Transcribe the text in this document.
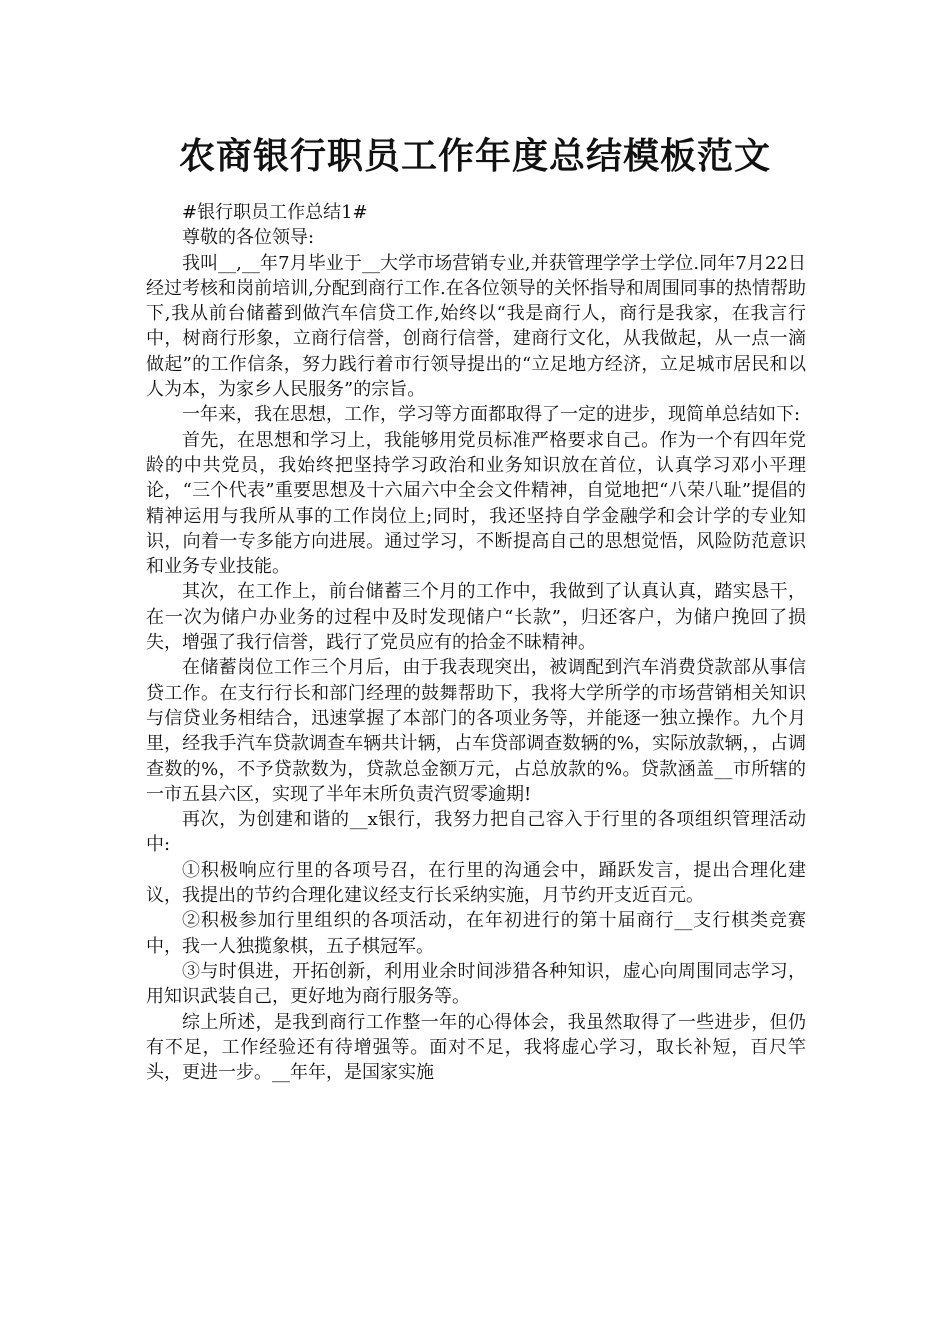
农商银行职员工作年度总结模板范文

#银行职员工作总结1#

尊敬的各位领导:

我叫__,__年7月毕业于__大学市场营销专业,并获管理学学士学位.同年7月22日经过考核和岗前培训,分配到商行工作.在各位领导的关怀指导和周围同事的热情帮助下,我从前台储蓄到做汽车信贷工作,始终以“我是商行人，商行是我家，在我言行中，树商行形象，立商行信誉，创商行信誉，建商行文化，从我做起，从一点一滴做起”的工作信条，努力践行着市行领导提出的“立足地方经济，立足城市居民和以人为本，为家乡人民服务”的宗旨。

一年来，我在思想，工作，学习等方面都取得了一定的进步，现简单总结如下:

首先，在思想和学习上，我能够用党员标准严格要求自己。作为一个有四年党龄的中共党员，我始终把坚持学习政治和业务知识放在首位，认真学习邓小平理论，“三个代表”重要思想及十六届六中全会文件精神，自觉地把“八荣八耻”提倡的精神运用与我所从事的工作岗位上;同时，我还坚持自学金融学和会计学的专业知识，向着一专多能方向进展。通过学习，不断提高自己的思想觉悟，风险防范意识和业务专业技能。

其次，在工作上，前台储蓄三个月的工作中，我做到了认真认真，踏实恳干，在一次为储户办业务的过程中及时发现储户“长款”，归还客户，为储户挽回了损失，增强了我行信誉，践行了党员应有的拾金不昧精神。

在储蓄岗位工作三个月后，由于我表现突出，被调配到汽车消费贷款部从事信贷工作。在支行行长和部门经理的鼓舞帮助下，我将大学所学的市场营销相关知识与信贷业务相结合，迅速掌握了本部门的各项业务等，并能逐一独立操作。九个月里，经我手汽车贷款调查车辆共计辆，占车贷部调查数辆的%，实际放款辆，，占调查数的%，不予贷款数为，贷款总金额万元，占总放款的%。贷款涵盖__市所辖的一市五县六区，实现了半年末所负责汽贸零逾期!

再次，为创建和谐的__x银行，我努力把自己容入于行里的各项组织管理活动中:

①积极响应行里的各项号召，在行里的沟通会中，踊跃发言，提出合理化建议，我提出的节约合理化建议经支行长采纳实施，月节约开支近百元。

②积极参加行里组织的各项活动，在年初进行的第十届商行__支行棋类竞赛中，我一人独揽象棋，五子棋冠军。

③与时俱进，开拓创新，利用业余时间涉猎各种知识，虚心向周围同志学习，用知识武装自己，更好地为商行服务等。

综上所述，是我到商行工作整一年的心得体会，我虽然取得了一些进步，但仍有不足，工作经验还有待增强等。面对不足，我将虚心学习，取长补短，百尺竿头，更进一步。__年年，是国家实施
